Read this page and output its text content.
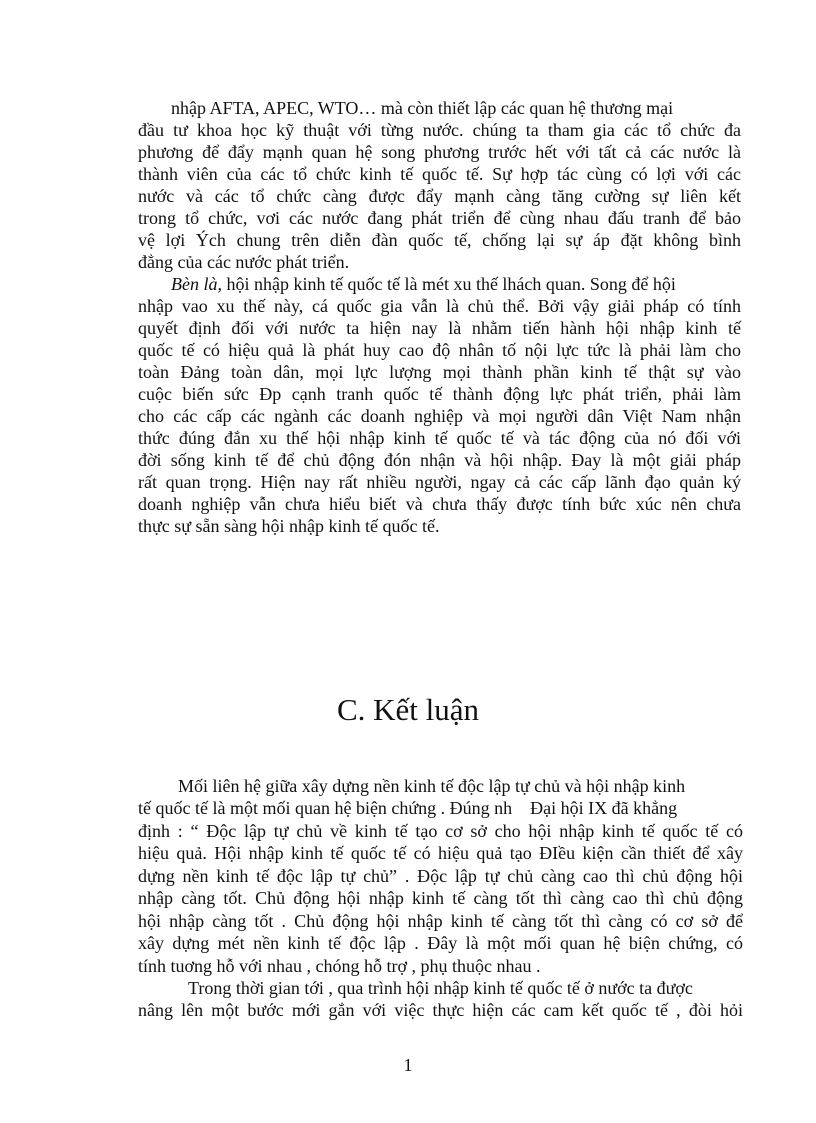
nhập AFTA, APEC, WTO… mà còn thiết lập các quan hệ thương mại

đầu tư khoa học kỹ thuật với từng nước. chúng ta tham gia các tổ chức đa

phương để đẩy mạnh quan hệ song phương trước hết với tất cả các nước là

thành viên của các tổ chức kinh tế quốc tế. Sự hợp tác cùng có lợi với các

nước và các tổ chức càng được đẩy mạnh càng tăng cường sự liên kết

trong tổ chức, vơi các nước đang phát triển để cùng nhau đấu tranh để bảo

vệ lợi Ých chung trên diễn đàn quốc tế, chống lại sự áp đặt không bình

đẳng của các nước phát triển.

Bèn là, hội nhập kinh tế quốc tế là mét xu thế lhách quan. Song để hội

nhập vao xu thế này, cá quốc gia vẫn là chủ thể. Bởi vậy giải pháp có tính

quyết định đối với nước ta hiện nay là nhằm tiến hành hội nhập kinh tế

quốc tế có hiệu quả là phát huy cao độ nhân tố nội lực tức là phải làm cho

toàn Đảng toàn dân, mọi lực lượng mọi thành phần kinh tế thật sự vào

cuộc biến sức Đp cạnh tranh quốc tế thành động lực phát triển, phải làm

cho các cấp các ngành các doanh nghiệp và mọi người dân Việt Nam nhận

thức đúng đắn xu thế hội nhập kinh tế quốc tế và tác động của nó đối với

đời sống kinh tế để chủ động đón nhận và hội nhập. Đay là một giải pháp

rất quan trọng. Hiện nay rất nhiều người, ngay cả các cấp lãnh đạo quản ký

doanh nghiệp vẫn chưa hiểu biết và chưa thấy được tính bức xúc nên chưa

thực sự sẵn sàng hội nhập kinh tế quốc tế.

C. Kết luận

Mối liên hệ giữa xây dựng nền kinh tế độc lập tự chủ và hội nhập kinh

tế quốc tế là một mối quan hệ biện chứng . Đúng nh    Đại hội IX đã khẳng

định : “ Độc lập tự chủ về kinh tế tạo cơ sở cho hội nhập kinh tế quốc tế có

hiệu quả. Hội nhập kinh tế quốc tế có hiệu quả tạo ĐIều kiện cần thiết để xây

dựng nền kinh tế độc lập tự chủ” . Độc lập tự chủ càng cao thì chủ động hội

nhập càng tốt. Chủ động hội nhập kinh tế càng tốt thì càng cao thì chủ động

hội nhập càng tốt . Chủ động hội nhập kinh tế càng tốt thì càng có cơ sở để

xây dựng mét nền kinh tế độc lập . Đây là một mối quan hệ biện chứng, có

tính tuơng hỗ với nhau , chóng hỗ trợ , phụ thuộc nhau .

Trong thời gian tới , qua trình hội nhập kinh tế quốc tế ở nước ta được

nâng lên một bước mới gắn với việc thực hiện các cam kết quốc tế , đòi hỏi

1
